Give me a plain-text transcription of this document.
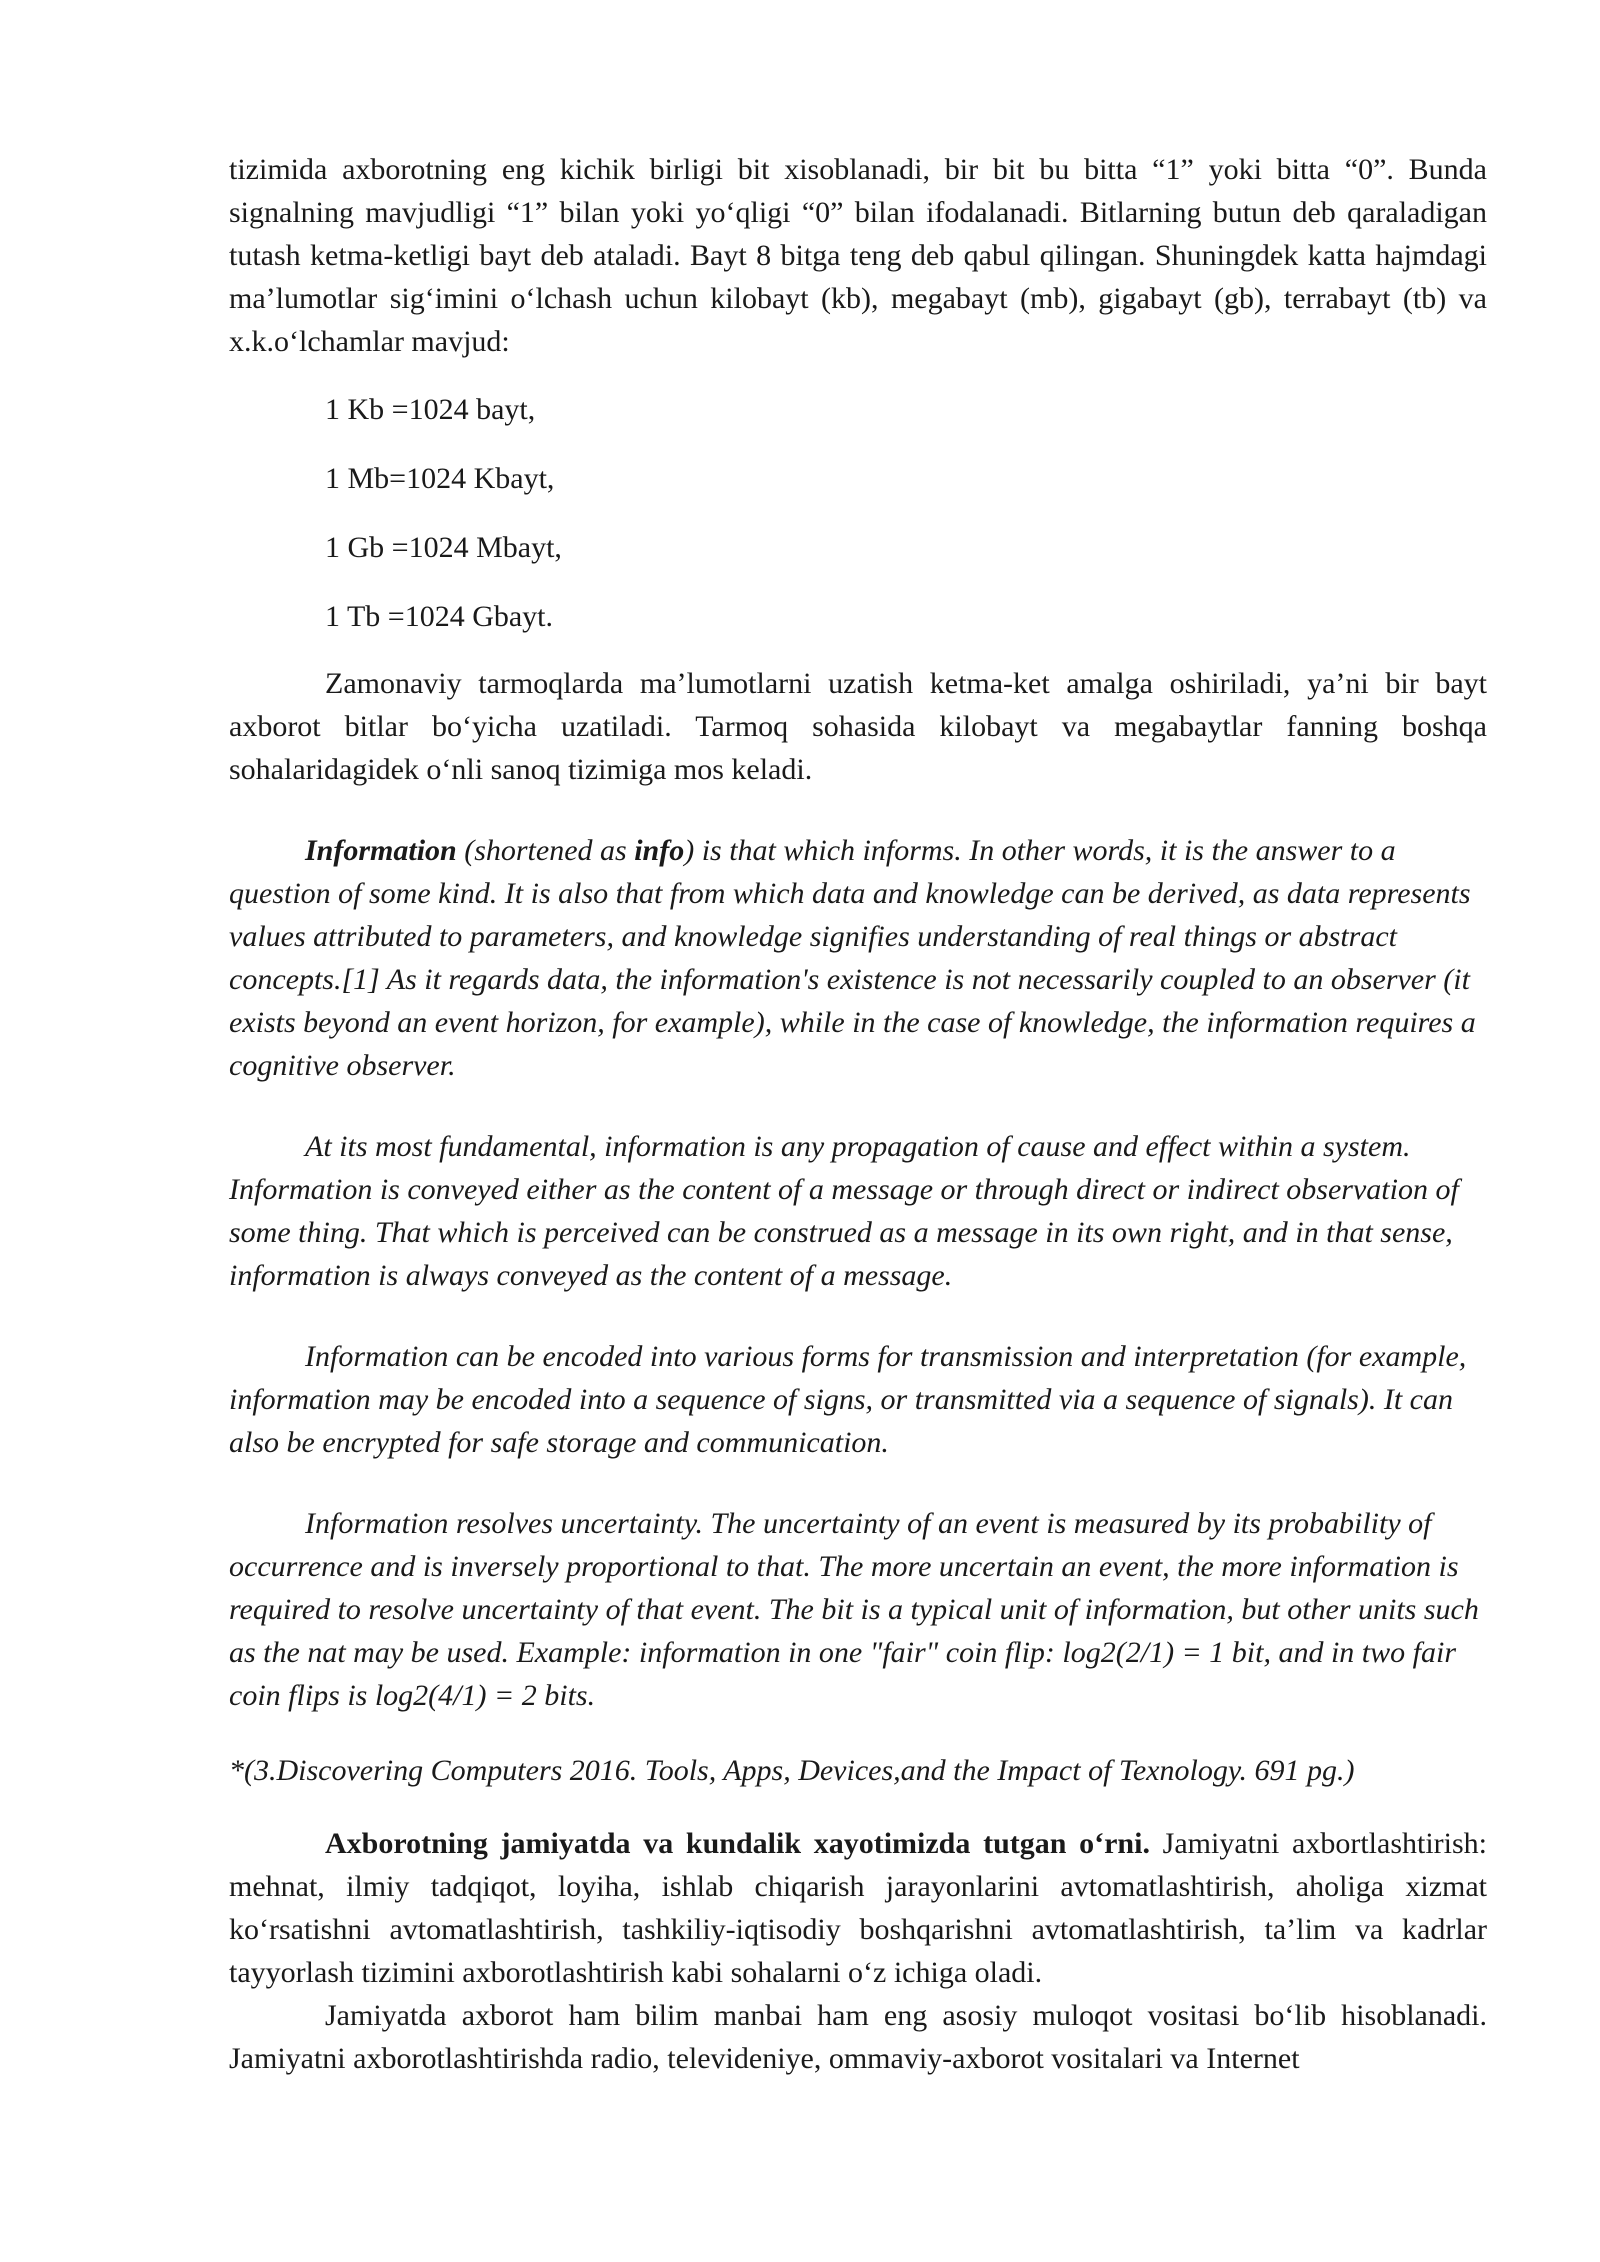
tizimida axborotning eng kichik birligi bit xisoblanadi, bir bit bu bitta “1” yoki bitta “0”. Bunda signalning mavjudligi “1” bilan yoki yo‘qligi “0” bilan ifodalanadi. Bitlarning butun deb qaraladigan tutash ketma-ketligi bayt deb ataladi. Bayt 8 bitga teng deb qabul qilingan. Shuningdek katta hajmdagi ma’lumotlar sig‘imini o‘lchash uchun kilobayt (kb), megabayt (mb), gigabayt (gb), terrabayt (tb) va x.k.o‘lchamlar mavjud:

1 Kb =1024 bayt,

1 Mb=1024 Kbayt,

1 Gb =1024 Mbayt,

1 Tb =1024 Gbayt.

Zamonaviy tarmoqlarda ma’lumotlarni uzatish ketma-ket amalga oshiriladi, ya’ni bir bayt axborot bitlar bo‘yicha uzatiladi. Tarmoq sohasida kilobayt va megabaytlar fanning boshqa sohalaridagidek o‘nli sanoq tizimiga mos keladi.

Information (shortened as info) is that which informs. In other words, it is the answer to a question of some kind. It is also that from which data and knowledge can be derived, as data represents values attributed to parameters, and knowledge signifies understanding of real things or abstract concepts.[1] As it regards data, the information's existence is not necessarily coupled to an observer (it exists beyond an event horizon, for example), while in the case of knowledge, the information requires a cognitive observer.

At its most fundamental, information is any propagation of cause and effect within a system. Information is conveyed either as the content of a message or through direct or indirect observation of some thing. That which is perceived can be construed as a message in its own right, and in that sense, information is always conveyed as the content of a message.

Information can be encoded into various forms for transmission and interpretation (for example, information may be encoded into a sequence of signs, or transmitted via a sequence of signals). It can also be encrypted for safe storage and communication.

Information resolves uncertainty. The uncertainty of an event is measured by its probability of occurrence and is inversely proportional to that. The more uncertain an event, the more information is required to resolve uncertainty of that event. The bit is a typical unit of information, but other units such as the nat may be used. Example: information in one "fair" coin flip: log2(2/1) = 1 bit, and in two fair coin flips is log2(4/1) = 2 bits.

*(3.Discovering Computers 2016. Tools, Apps, Devices,and the Impact of Texnology. 691 pg.)

Axborotning jamiyatda va kundalik xayotimizda tutgan o‘rni. Jamiyatni axbortlashtirish: mehnat, ilmiy tadqiqot, loyiha, ishlab chiqarish jarayonlarini avtomatlashtirish, aholiga xizmat ko‘rsatishni avtomatlashtirish, tashkiliy-iqtisodiy boshqarishni avtomatlashtirish, ta’lim va kadrlar tayyorlash tizimini axborotlashtirish kabi sohalarni o‘z ichiga oladi.

Jamiyatda axborot ham bilim manbai ham eng asosiy muloqot vositasi bo‘lib hisoblanadi. Jamiyatni axborotlashtirishda radio, televideniye, ommaviy-axborot vositalari va Internet
